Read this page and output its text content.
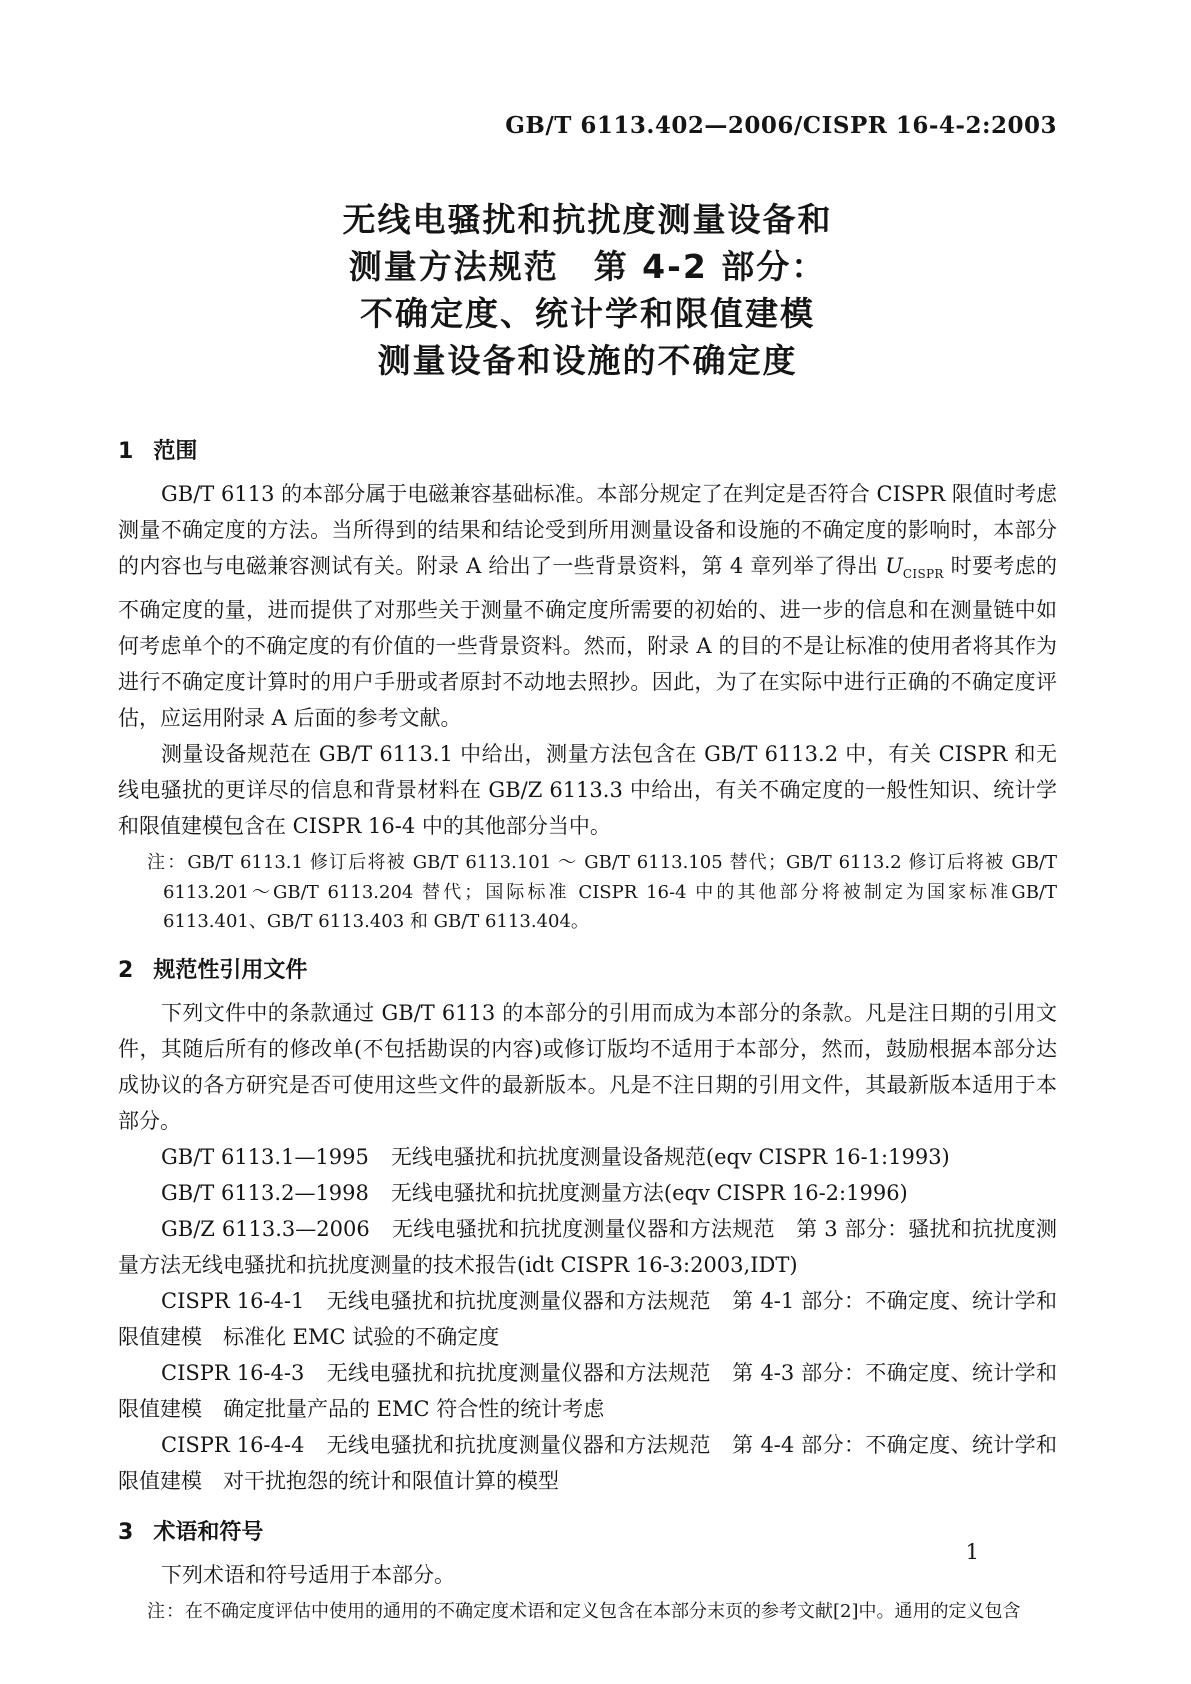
GB/T 6113.402—2006/CISPR 16-4-2:2003
无线电骚扰和抗扰度测量设备和
测量方法规范　第 4-2 部分：
不确定度、统计学和限值建模
测量设备和设施的不确定度
1 范围

GB/T 6113 的本部分属于电磁兼容基础标准。本部分规定了在判定是否符合 CISPR 限值时考虑测量不确定度的方法。当所得到的结果和结论受到所用测量设备和设施的不确定度的影响时，本部分的内容也与电磁兼容测试有关。附录 A 给出了一些背景资料，第 4 章列举了得出 $U_{CISPR}$ 时要考虑的不确定度的量，进而提供了对那些关于测量不确定度所需要的初始的、进一步的信息和在测量链中如何考虑单个的不确定度的有价值的一些背景资料。然而，附录 A 的目的不是让标准的使用者将其作为进行不确定度计算时的用户手册或者原封不动地去照抄。因此，为了在实际中进行正确的不确定度评估，应运用附录 A 后面的参考文献。

测量设备规范在 GB/T 6113.1 中给出，测量方法包含在 GB/T 6113.2 中，有关 CISPR 和无线电骚扰的更详尽的信息和背景材料在 GB/Z 6113.3 中给出，有关不确定度的一般性知识、统计学和限值建模包含在 CISPR 16-4 中的其他部分当中。

注：GB/T 6113.1 修订后将被 GB/T 6113.101 ～ GB/T 6113.105 替代；GB/T 6113.2 修订后将被 GB/T 6113.201～GB/T 6113.204 替代；国际标准 CISPR 16-4 中的其他部分将被制定为国家标准GB/T 6113.401、GB/T 6113.403 和 GB/T 6113.404。

2 规范性引用文件

下列文件中的条款通过 GB/T 6113 的本部分的引用而成为本部分的条款。凡是注日期的引用文件，其随后所有的修改单(不包括勘误的内容)或修订版均不适用于本部分，然而，鼓励根据本部分达成协议的各方研究是否可使用这些文件的最新版本。凡是不注日期的引用文件，其最新版本适用于本部分。

GB/T 6113.1—1995 无线电骚扰和抗扰度测量设备规范(eqv CISPR 16-1:1993)

GB/T 6113.2—1998 无线电骚扰和抗扰度测量方法(eqv CISPR 16-2:1996)

GB/Z 6113.3—2006 无线电骚扰和抗扰度测量仪器和方法规范　第 3 部分：骚扰和抗扰度测量方法无线电骚扰和抗扰度测量的技术报告(idt CISPR 16-3:2003,IDT)

CISPR 16-4-1 无线电骚扰和抗扰度测量仪器和方法规范　第 4-1 部分：不确定度、统计学和限值建模　标准化 EMC 试验的不确定度

CISPR 16-4-3 无线电骚扰和抗扰度测量仪器和方法规范　第 4-3 部分：不确定度、统计学和限值建模　确定批量产品的 EMC 符合性的统计考虑

CISPR 16-4-4 无线电骚扰和抗扰度测量仪器和方法规范　第 4-4 部分：不确定度、统计学和限值建模　对干扰抱怨的统计和限值计算的模型

3 术语和符号

下列术语和符号适用于本部分。

注：在不确定度评估中使用的通用的不确定度术语和定义包含在本部分末页的参考文献[2]中。通用的定义包含

1
